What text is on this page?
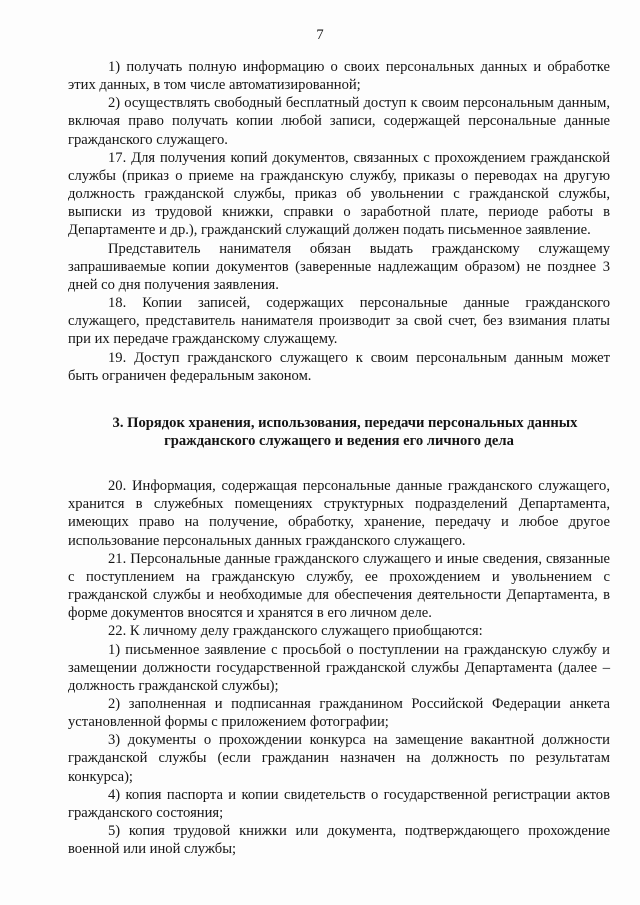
7

1) получать полную информацию о своих персональных данных и обработке этих данных, в том числе автоматизированной;

2) осуществлять свободный бесплатный доступ к своим персональным данным, включая право получать копии любой записи, содержащей персональные данные гражданского служащего.

17. Для получения копий документов, связанных с прохождением гражданской службы (приказ о приеме на гражданскую службу, приказы о переводах на другую должность гражданской службы, приказ об увольнении с гражданской службы, выписки из трудовой книжки, справки о заработной плате, периоде работы в Департаменте и др.), гражданский служащий должен подать письменное заявление.

Представитель нанимателя обязан выдать гражданскому служащему запрашиваемые копии документов (заверенные надлежащим образом) не позднее 3 дней со дня получения заявления.

18. Копии записей, содержащих персональные данные гражданского служащего, представитель нанимателя производит за свой счет, без взимания платы при их передаче гражданскому служащему.

19. Доступ гражданского служащего к своим персональным данным может быть ограничен федеральным законом.

3. Порядок хранения, использования, передачи персональных данных
гражданского служащего и ведения его личного дела

20. Информация, содержащая персональные данные гражданского служащего, хранится в служебных помещениях структурных подразделений Департамента, имеющих право на получение, обработку, хранение, передачу и любое другое использование персональных данных гражданского служащего.

21. Персональные данные гражданского служащего и иные сведения, связанные с поступлением на гражданскую службу, ее прохождением и увольнением с гражданской службы и необходимые для обеспечения деятельности Департамента, в форме документов вносятся и хранятся в его личном деле.

22. К личному делу гражданского служащего приобщаются:

1) письменное заявление с просьбой о поступлении на гражданскую службу и замещении должности государственной гражданской службы Департамента (далее – должность гражданской службы);

2) заполненная и подписанная гражданином Российской Федерации анкета установленной формы с приложением фотографии;

3) документы о прохождении конкурса на замещение вакантной должности гражданской службы (если гражданин назначен на должность по результатам конкурса);

4) копия паспорта и копии свидетельств о государственной регистрации актов гражданского состояния;

5) копия трудовой книжки или документа, подтверждающего прохождение военной или иной службы;
